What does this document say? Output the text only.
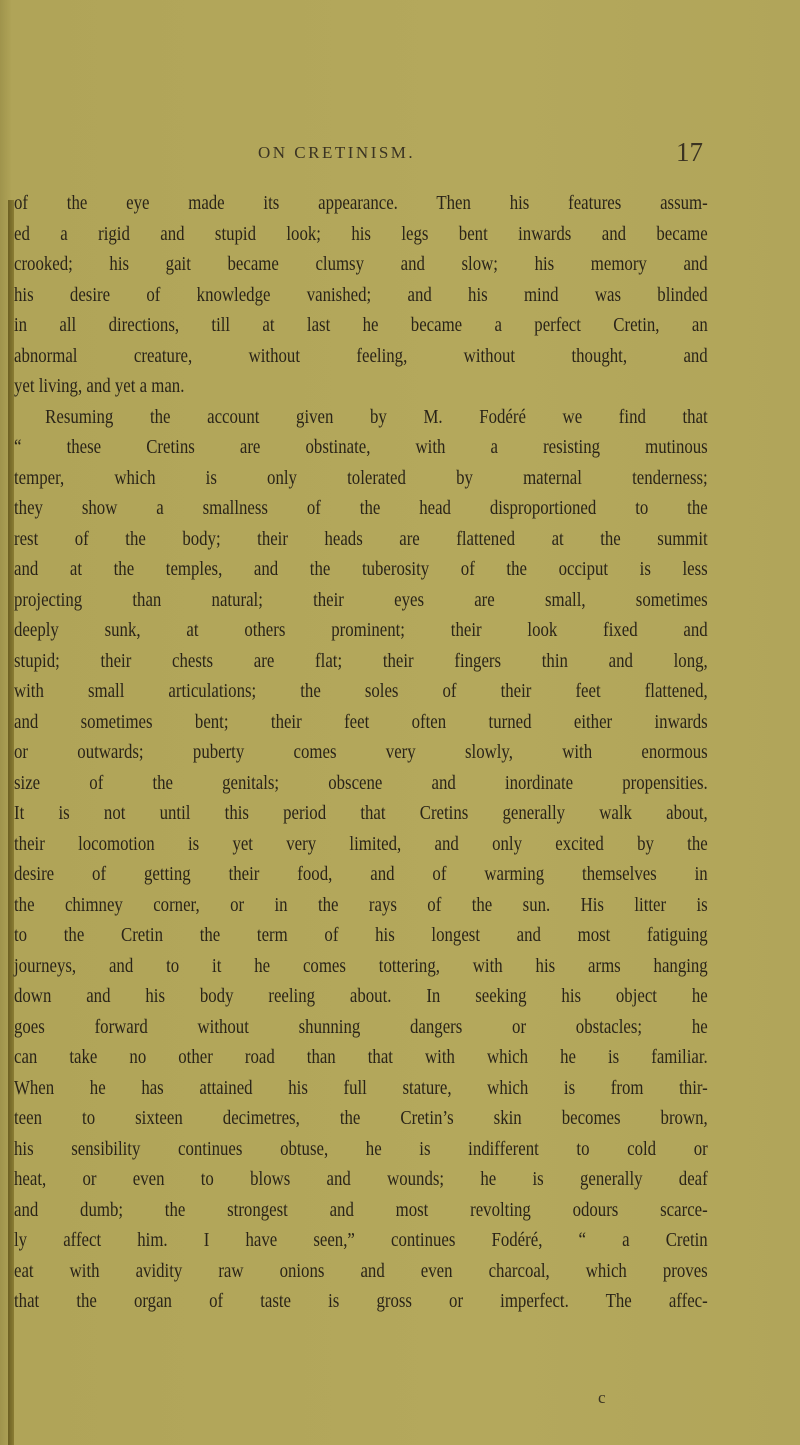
ON CRETINISM.	17
of the eye made its appearance. Then his features assum-
ed a rigid and stupid look; his legs bent inwards and became
crooked; his gait became clumsy and slow; his memory and
his desire of knowledge vanished; and his mind was blinded
in all directions, till at last he became a perfect Cretin, an
abnormal creature, without feeling, without thought, and
yet living, and yet a man.
Resuming the account given by M. Fodéré we find that
“ these Cretins are obstinate, with a resisting mutinous
temper, which is only tolerated by maternal tenderness;
they show a smallness of the head disproportioned to the
rest of the body; their heads are flattened at the summit
and at the temples, and the tuberosity of the occiput is less
projecting than natural; their eyes are small, sometimes
deeply sunk, at others prominent; their look fixed and
stupid; their chests are flat; their fingers thin and long,
with small articulations; the soles of their feet flattened,
and sometimes bent; their feet often turned either inwards
or outwards; puberty comes very slowly, with enormous
size of the genitals; obscene and inordinate propensities.
It is not until this period that Cretins generally walk about,
their locomotion is yet very limited, and only excited by the
desire of getting their food, and of warming themselves in
the chimney corner, or in the rays of the sun. His litter is
to the Cretin the term of his longest and most fatiguing
journeys, and to it he comes tottering, with his arms hanging
down and his body reeling about. In seeking his object he
goes forward without shunning dangers or obstacles; he
can take no other road than that with which he is familiar.
When he has attained his full stature, which is from thir-
teen to sixteen decimetres, the Cretin’s skin becomes brown,
his sensibility continues obtuse, he is indifferent to cold or
heat, or even to blows and wounds; he is generally deaf
and dumb; the strongest and most revolting odours scarce-
ly affect him. I have seen,” continues Fodéré, “ a Cretin
eat with avidity raw onions and even charcoal, which proves
that the organ of taste is gross or imperfect. The affec-
c
